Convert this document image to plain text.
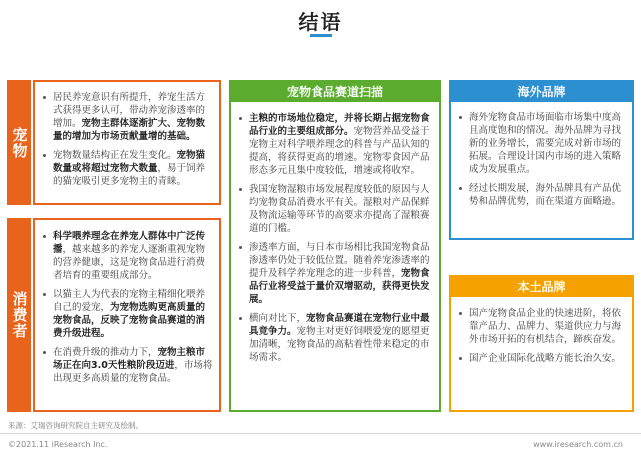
结语
宠物
居民养宠意识有所提升，养宠生活方式获得更多认可，带动养宠渗透率的增加。宠物主群体逐渐扩大、宠物数量的增加为市场贡献量增的基础。
宠物数量结构正在发生变化。宠物猫数量或将超过宠物犬数量，易于饲养的猫宠吸引更多宠物主的青睐。
消费者
科学喂养理念在养宠人群体中广泛传播，越来越多的养宠人逐渐重视宠物的营养健康，这是宠物食品进行消费者培育的重要组成部分。
以猫主人为代表的宠物主精细化喂养自己的爱宠，为宠物选购更高质量的宠物食品，反映了宠物食品赛道的消费升级进程。
在消费升级的推动力下，宠物主粮市场正在向3.0天性粮阶段迈进，市场将出现更多高质量的宠物食品。
宠物食品赛道扫描
主粮的市场地位稳定，并将长期占据宠物食品行业的主要组成部分。宠物营养品受益于宠物主对科学喂养理念的科普与产品认知的提高，将获得更高的增速。宠物零食因产品形态多元且集中度较低，增速或将收窄。
我国宠物湿粮市场发展程度较低的原因与人均宠物食品消费水平有关。湿粮对产品保鲜及物流运输等环节的高要求亦提高了湿粮赛道的门槛。
渗透率方面，与日本市场相比我国宠物食品渗透率仍处于较低位置。随着养宠渗透率的提升及科学养宠理念的进一步科普，宠物食品行业将受益于量价双增驱动，获得更快发展。
横向对比下，宠物食品赛道在宠物行业中最具竞争力。宠物主对更好饲喂爱宠的愿望更加清晰，宠物食品的高粘着性带来稳定的市场需求。
海外品牌
海外宠物食品市场面临市场集中度高且高度饱和的情况。海外品牌为寻找新的业务增长，需要完成对新市场的拓展。合理设计国内市场的进入策略成为发展重点。
经过长期发展，海外品牌具有产品优势和品牌优势，而在渠道方面略逊。
本土品牌
国产宠物食品企业的快速进阶，将依靠产品力、品牌力、渠道供应力与海外市场开拓的有机结合，蹄疾奋发。
国产企业国际化战略方能长治久安。
来源：艾瑞咨询研究院自主研究及绘制。
©2021.11 iResearch Inc.	www.iresearch.com.cn
